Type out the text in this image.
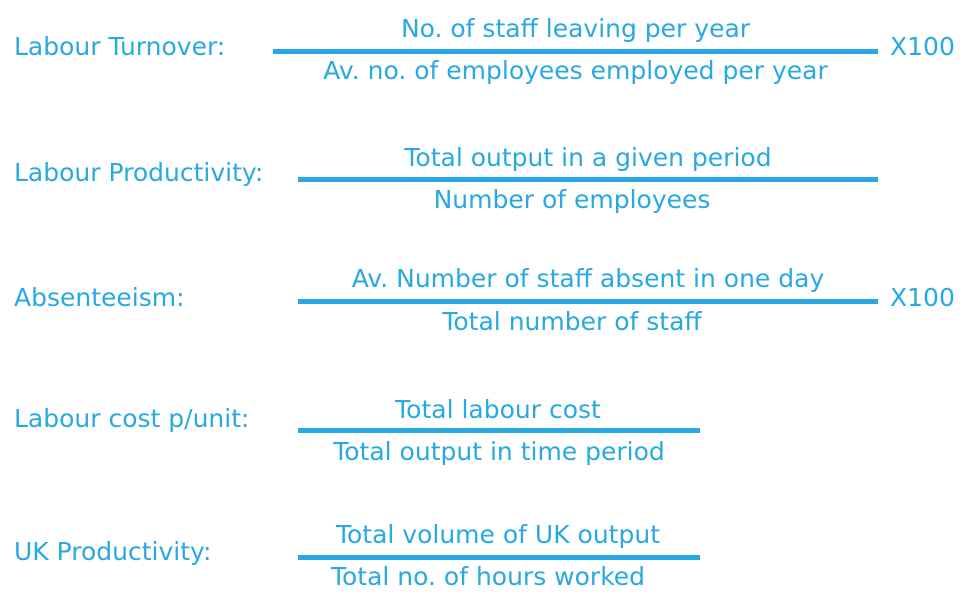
Labour Turnover:
No. of staff leaving per year
Av. no. of employees employed per year
X100
Labour Productivity:
Total output in a given period
Number of employees
Absenteeism:
Av. Number of staff absent in one day
Total number of staff
X100
Labour cost p/unit:	Total labour cost
Total output in time period
UK Productivity:
Total volume of UK output
Total no. of hours worked
